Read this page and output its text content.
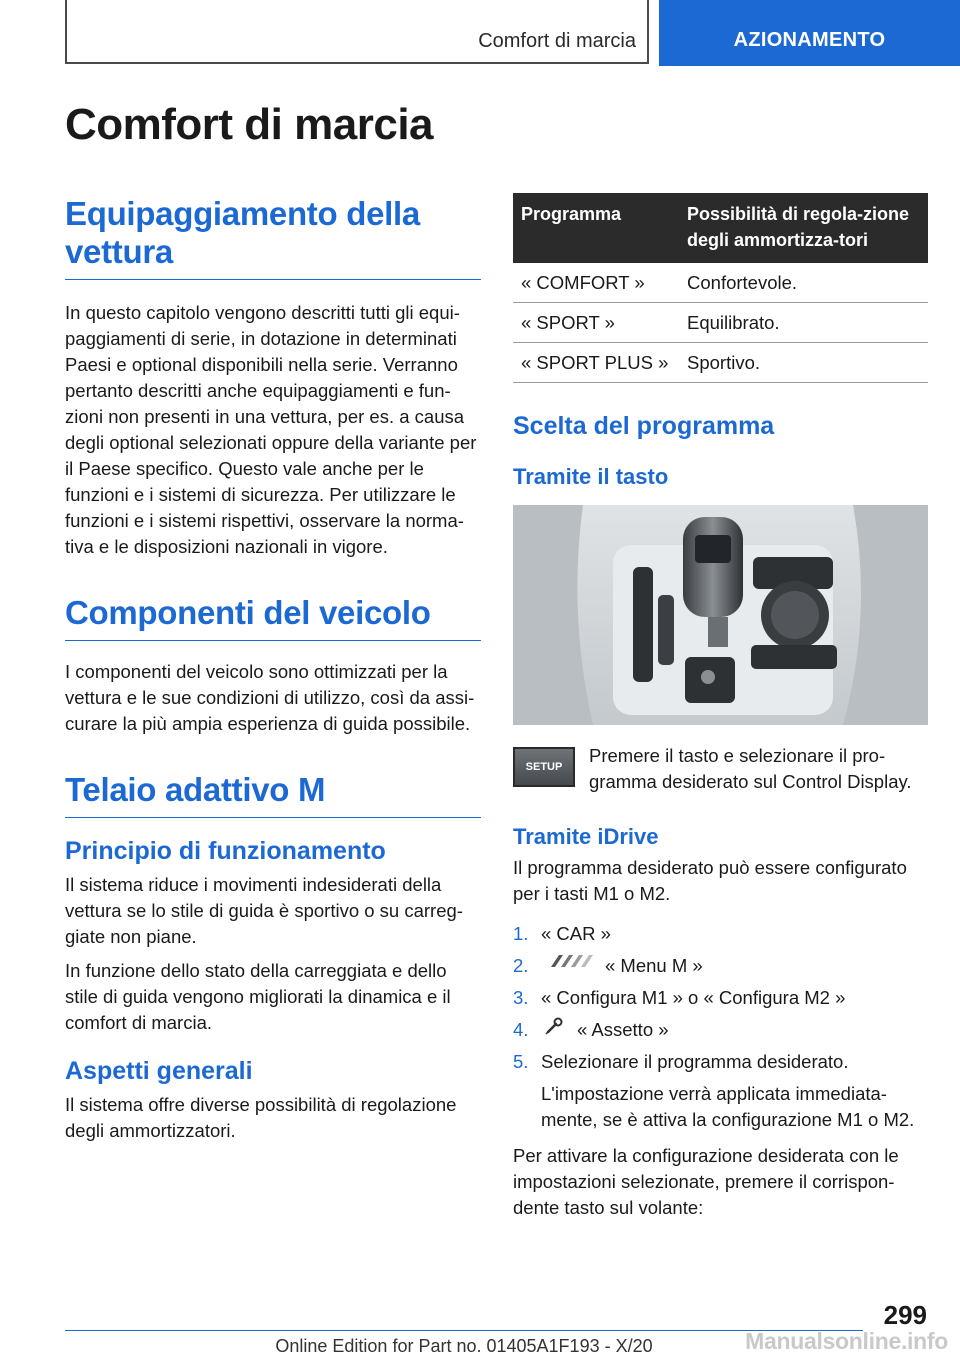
Comfort di marcia	AZIONAMENTO
Comfort di marcia
Equipaggiamento della vettura

In questo capitolo vengono descritti tutti gli equi-paggiamenti di serie, in dotazione in determinati Paesi e optional disponibili nella serie. Verranno pertanto descritti anche equipaggiamenti e fun-zioni non presenti in una vettura, per es. a causa degli optional selezionati oppure della variante per il Paese specifico. Questo vale anche per le funzioni e i sistemi di sicurezza. Per utilizzare le funzioni e i sistemi rispettivi, osservare la norma-tiva e le disposizioni nazionali in vigore.

Componenti del veicolo

I componenti del veicolo sono ottimizzati per la vettura e le sue condizioni di utilizzo, così da assi-curare la più ampia esperienza di guida possibile.

Telaio adattivo M
Principio di funzionamento

Il sistema riduce i movimenti indesiderati della vettura se lo stile di guida è sportivo o su carreg-giate non piane.

In funzione dello stato della carreggiata e dello stile di guida vengono migliorati la dinamica e il comfort di marcia.

Aspetti generali

Il sistema offre diverse possibilità di regolazione degli ammortizzatori.

Programma	Possibilità di regola-zione degli ammortizza-tori
« COMFORT »	Confortevole.
« SPORT »	Equilibrato.
« SPORT PLUS »	Sportivo.
Scelta del programma
Tramite il tasto
SETUP

Premere il tasto e selezionare il pro-gramma desiderato sul Control Display.

Tramite iDrive

Il programma desiderato può essere configurato per i tasti M1 o M2.

1. « CAR »
2.	« Menu M »
3. « Configura M1 » o « Configura M2 »
4.	« Assetto »
5. Selezionare il programma desiderato.

L'impostazione verrà applicata immediata-mente, se è attiva la configurazione M1 o M2.

Per attivare la configurazione desiderata con le impostazioni selezionate, premere il corrispon-dente tasto sul volante:

299
Online Edition for Part no. 01405A1F193 - X/20	Manualsonline.info
